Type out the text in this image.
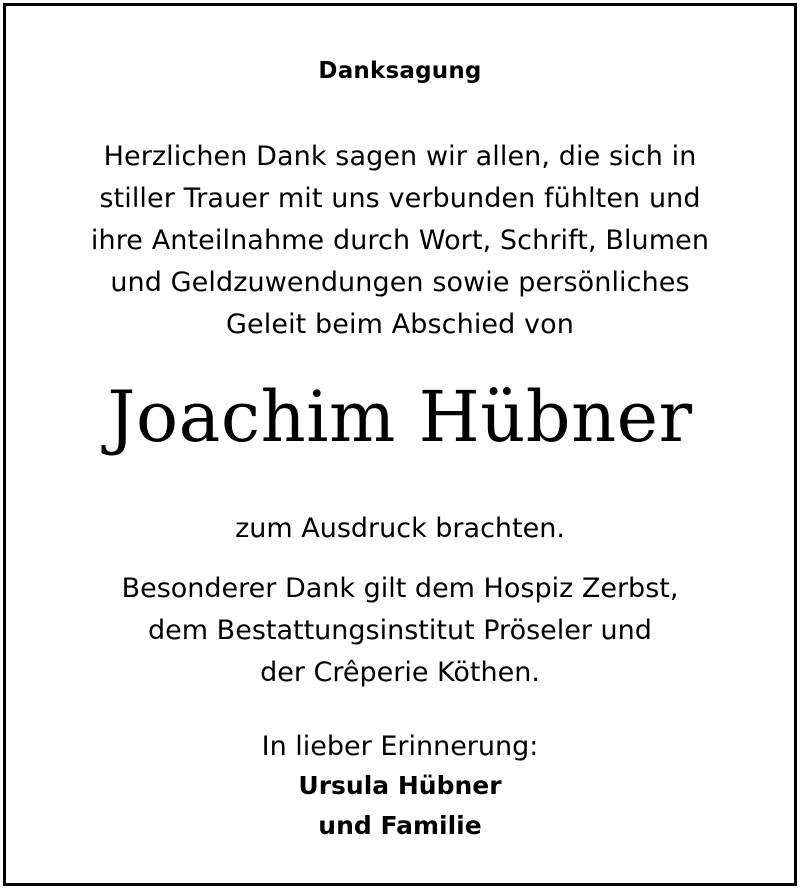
Danksagung
Herzlichen Dank sagen wir allen, die sich in
stiller Trauer mit uns verbunden fühlten und
ihre Anteilnahme durch Wort, Schrift, Blumen
und Geldzuwendungen sowie persönliches
Geleit beim Abschied von
Joachim Hübner
zum Ausdruck brachten.
Besonderer Dank gilt dem Hospiz Zerbst,
dem Bestattungsinstitut Pröseler und
der Crêperie Köthen.
In lieber Erinnerung:
Ursula Hübner
und Familie
